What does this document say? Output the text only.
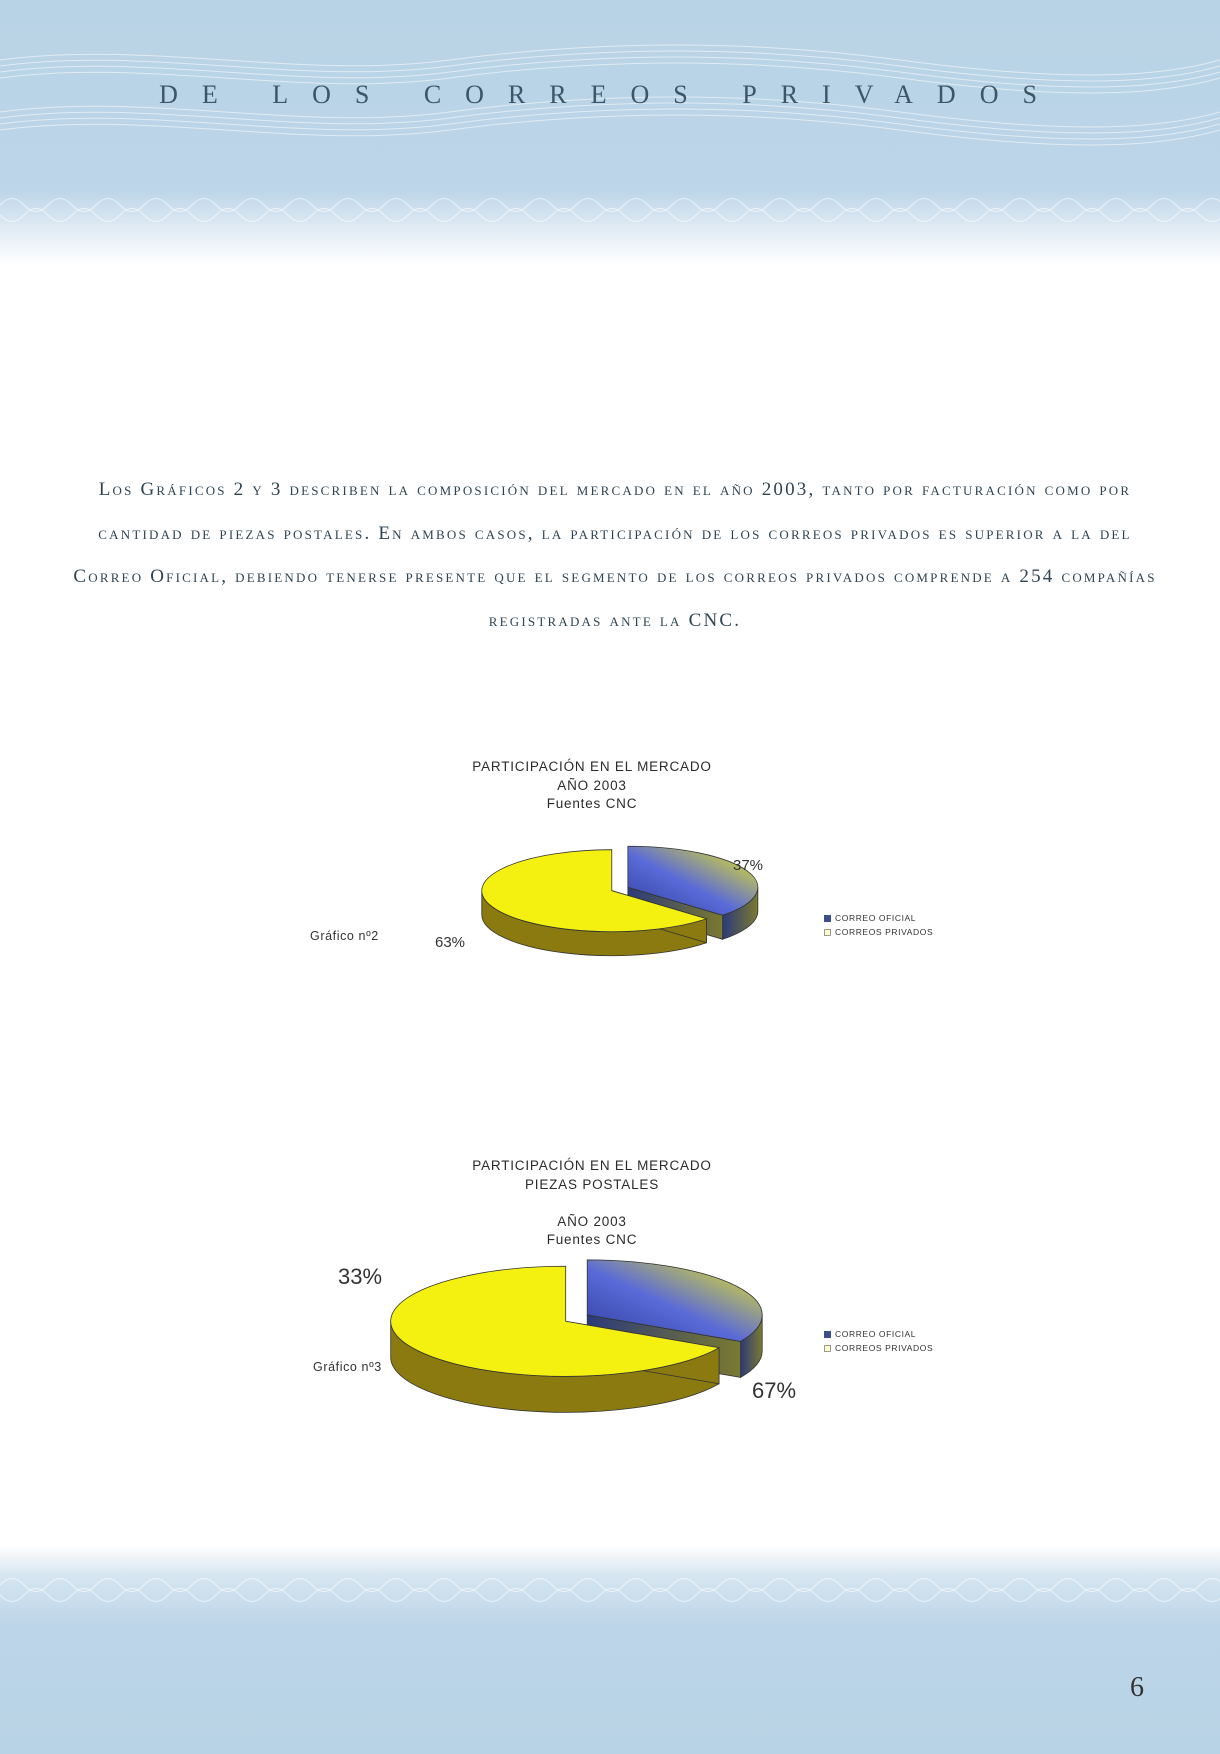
DE LOS CORREOS PRIVADOS
Los Gráficos 2 y 3 describen la composición del mercado en el año 2003, tanto por facturación como por cantidad de piezas postales. En ambos casos, la participación de los correos privados es superior a la del Correo Oficial, debiendo tenerse presente que el segmento de los correos privados comprende a 254 compañías registradas ante la CNC.
PARTICIPACIÓN EN EL MERCADO
AÑO 2003
Fuentes CNC
Gráfico nº2
37%
63%
CORREO OFICIAL
CORREOS PRIVADOS
PARTICIPACIÓN EN EL MERCADO
PIEZAS POSTALES
AÑO 2003
Fuentes CNC
Gráfico nº3
33%
67%
CORREO OFICIAL
CORREOS PRIVADOS
6
